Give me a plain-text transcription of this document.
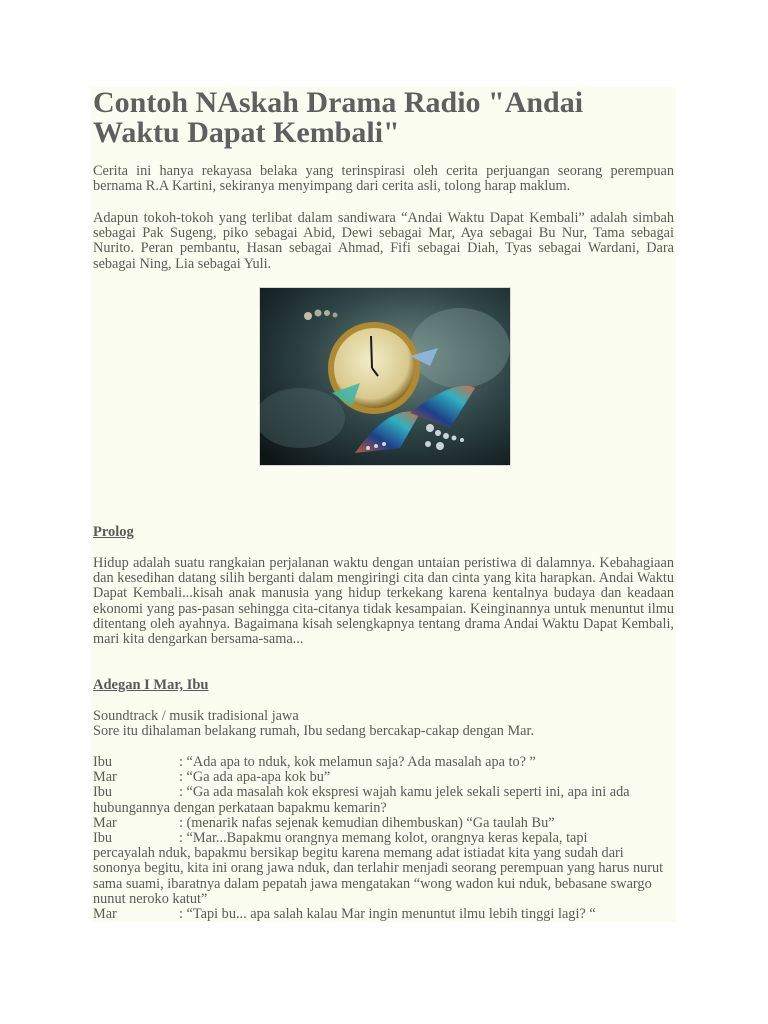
Contoh NAskah Drama Radio "Andai Waktu Dapat Kembali"

Cerita ini hanya rekayasa belaka yang terinspirasi oleh cerita perjuangan seorang perempuan bernama R.A Kartini, sekiranya menyimpang dari cerita asli, tolong harap maklum.

Adapun tokoh-tokoh yang terlibat dalam sandiwara “Andai Waktu Dapat Kembali” adalah simbah sebagai Pak Sugeng, piko sebagai Abid, Dewi sebagai Mar, Aya sebagai Bu Nur, Tama sebagai Nurito. Peran pembantu, Hasan sebagai Ahmad, Fifi sebagai Diah, Tyas sebagai Wardani, Dara sebagai Ning, Lia sebagai Yuli.

Prolog

Hidup adalah suatu rangkaian perjalanan waktu dengan untaian peristiwa di dalamnya. Kebahagiaan dan kesedihan datang silih berganti dalam mengiringi cita dan cinta yang kita harapkan. Andai Waktu Dapat Kembali...kisah anak manusia yang hidup terkekang karena kentalnya budaya dan keadaan ekonomi yang pas-pasan sehingga cita-citanya tidak kesampaian. Keinginannya untuk menuntut ilmu ditentang oleh ayahnya. Bagaimana kisah selengkapnya tentang drama Andai Waktu Dapat Kembali, mari kita dengarkan bersama-sama...

Adegan I Mar, Ibu

Soundtrack / musik tradisional jawa

Sore itu dihalaman belakang rumah, Ibu sedang bercakap-cakap dengan Mar.

Ibu	: “Ada apa to nduk, kok melamun saja? Ada masalah apa to? ”

Mar	: “Ga ada apa-apa kok bu”

Ibu	: “Ga ada masalah kok ekspresi wajah kamu jelek sekali seperti ini, apa ini ada

hubungannya dengan perkataan bapakmu kemarin?

Mar	: (menarik nafas sejenak kemudian dihembuskan) “Ga taulah Bu”

Ibu	: “Mar...Bapakmu orangnya memang kolot, orangnya keras kepala, tapi

percayalah nduk, bapakmu bersikap begitu karena memang adat istiadat kita yang sudah dari sononya begitu, kita ini orang jawa nduk, dan terlahir menjadi seorang perempuan yang harus nurut sama suami, ibaratnya dalam pepatah jawa mengatakan “wong wadon kui nduk, bebasane swargo nunut neroko katut”

Mar	: “Tapi bu... apa salah kalau Mar ingin menuntut ilmu lebih tinggi lagi? “
